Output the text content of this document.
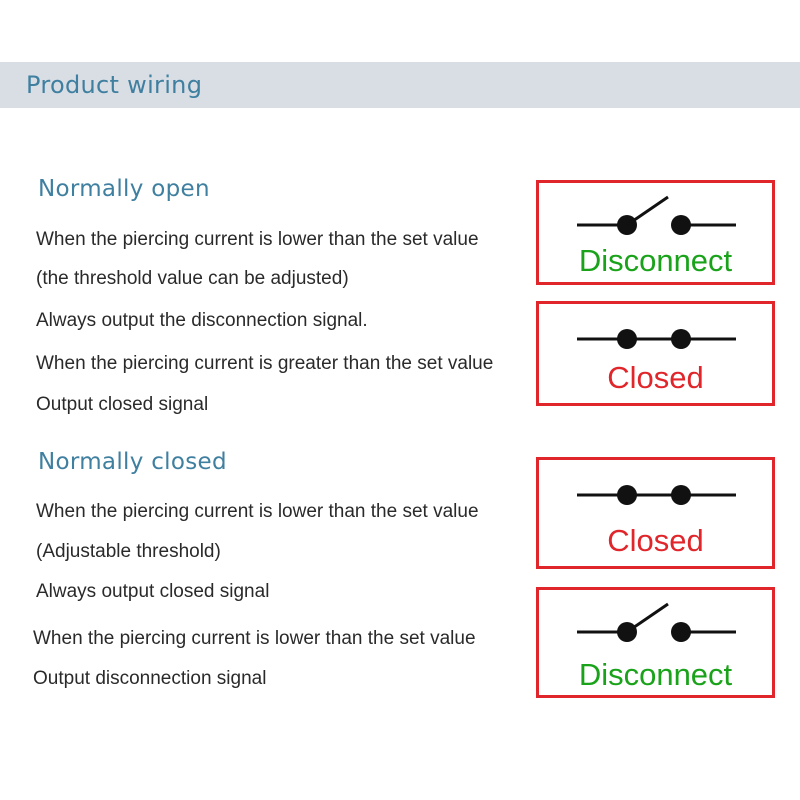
Product wiring
Normally open
When the piercing current is lower than the set value
(the threshold value can be adjusted)
Always output the disconnection signal.
When the piercing current is greater than the set value
Output closed signal
Disconnect
Closed
Normally closed
When the piercing current is lower than the set value
(Adjustable threshold)
Always output closed signal
When the piercing current is lower than the set value
Output disconnection signal
Closed
Disconnect
